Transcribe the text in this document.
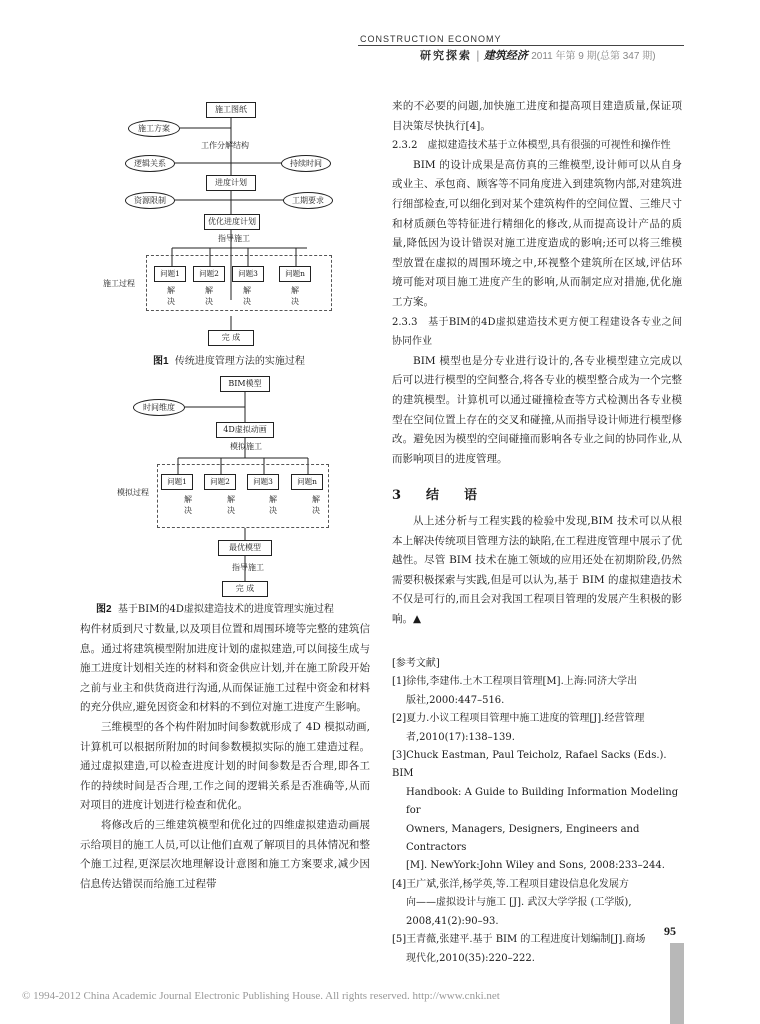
CONSTRUCTION ECONOMY
研究探索 | 建筑经济 2011 年第 9 期(总第 347 期)
施工图纸
施工方案
工作分解结构
逻辑关系	持续时间
进度计划
资源限制	工期要求
优化进度计划
指导施工
施工过程
问题1	问题2	问题3	问题n
解决
解决
解决
解决
完 成
图1 传统进度管理方法的实施过程
BIM模型
时间维度
4D虚拟动画
模拟施工
模拟过程
问题1	问题2	问题3	问题n
解决
解决
解决
解决
最优模型
指导施工
完 成
图2 基于BIM的4D虚拟建造技术的进度管理实施过程

构件材质到尺寸数量,以及项目位置和周围环境等完整的建筑信息。通过将建筑模型附加进度计划的虚拟建造,可以间接生成与施工进度计划相关连的材料和资金供应计划,并在施工阶段开始之前与业主和供货商进行沟通,从而保证施工过程中资金和材料的充分供应,避免因资金和材料的不到位对施工进度产生影响。

三维模型的各个构件附加时间参数就形成了 4D 模拟动画,计算机可以根据所附加的时间参数模拟实际的施工建造过程。通过虚拟建造,可以检查进度计划的时间参数是否合理,即各工作的持续时间是否合理,工作之间的逻辑关系是否准确等,从而对项目的进度计划进行检查和优化。

将修改后的三维建筑模型和优化过的四维虚拟建造动画展示给项目的施工人员,可以让他们直观了解项目的具体情况和整个施工过程,更深层次地理解设计意图和施工方案要求,减少因信息传达错误而给施工过程带

来的不必要的问题,加快施工进度和提高项目建造质量,保证项目决策尽快执行[4]。

2.3.2　虚拟建造技术基于立体模型,具有很强的可视性和操作性

BIM 的设计成果是高仿真的三维模型,设计师可以从自身或业主、承包商、顾客等不同角度进入到建筑物内部,对建筑进行细部检查,可以细化到对某个建筑构件的空间位置、三维尺寸和材质颜色等特征进行精细化的修改,从而提高设计产品的质量,降低因为设计错误对施工进度造成的影响;还可以将三维模型放置在虚拟的周围环境之中,环视整个建筑所在区域,评估环境可能对项目施工进度产生的影响,从而制定应对措施,优化施工方案。

2.3.3　基于BIM的4D虚拟建造技术更方便工程建设各专业之间协同作业

BIM 模型也是分专业进行设计的,各专业模型建立完成以后可以进行模型的空间整合,将各专业的模型整合成为一个完整的建筑模型。计算机可以通过碰撞检查等方式检测出各专业模型在空间位置上存在的交叉和碰撞,从而指导设计师进行模型修改。避免因为模型的空间碰撞而影响各专业之间的协同作业,从而影响项目的进度管理。

3　结　语

从上述分析与工程实践的检验中发现,BIM 技术可以从根本上解决传统项目管理方法的缺陷,在工程进度管理中展示了优越性。尽管 BIM 技术在施工领域的应用还处在初期阶段,仍然需要积极探索与实践,但是可以认为,基于 BIM 的虚拟建造技术不仅是可行的,而且会对我国工程项目管理的发展产生积极的影响。▲

[参考文献]

[1]徐伟,李建伟.土木工程项目管理[M].上海:同济大学出

版社,2000:447–516.

[2]夏力.小议工程项目管理中施工进度的管理[J].经营管理

者,2010(17):138–139.

[3]Chuck Eastman, Paul Teicholz, Rafael Sacks (Eds.). BIM

Handbook: A Guide to Building Information Modeling for

Owners, Managers, Designers, Engineers and Contractors

[M]. NewYork:John Wiley and Sons, 2008:233–244.

[4]王广斌,张洋,杨学英,等.工程项目建设信息化发展方

向——虚拟设计与施工 [J]. 武汉大学学报 (工学版),

2008,41(2):90–93.

[5]王青薇,张建平.基于 BIM 的工程进度计划编制[J].商场

现代化,2010(35):220–222.

95
© 1994-2012 China Academic Journal Electronic Publishing House. All rights reserved. http://www.cnki.net
